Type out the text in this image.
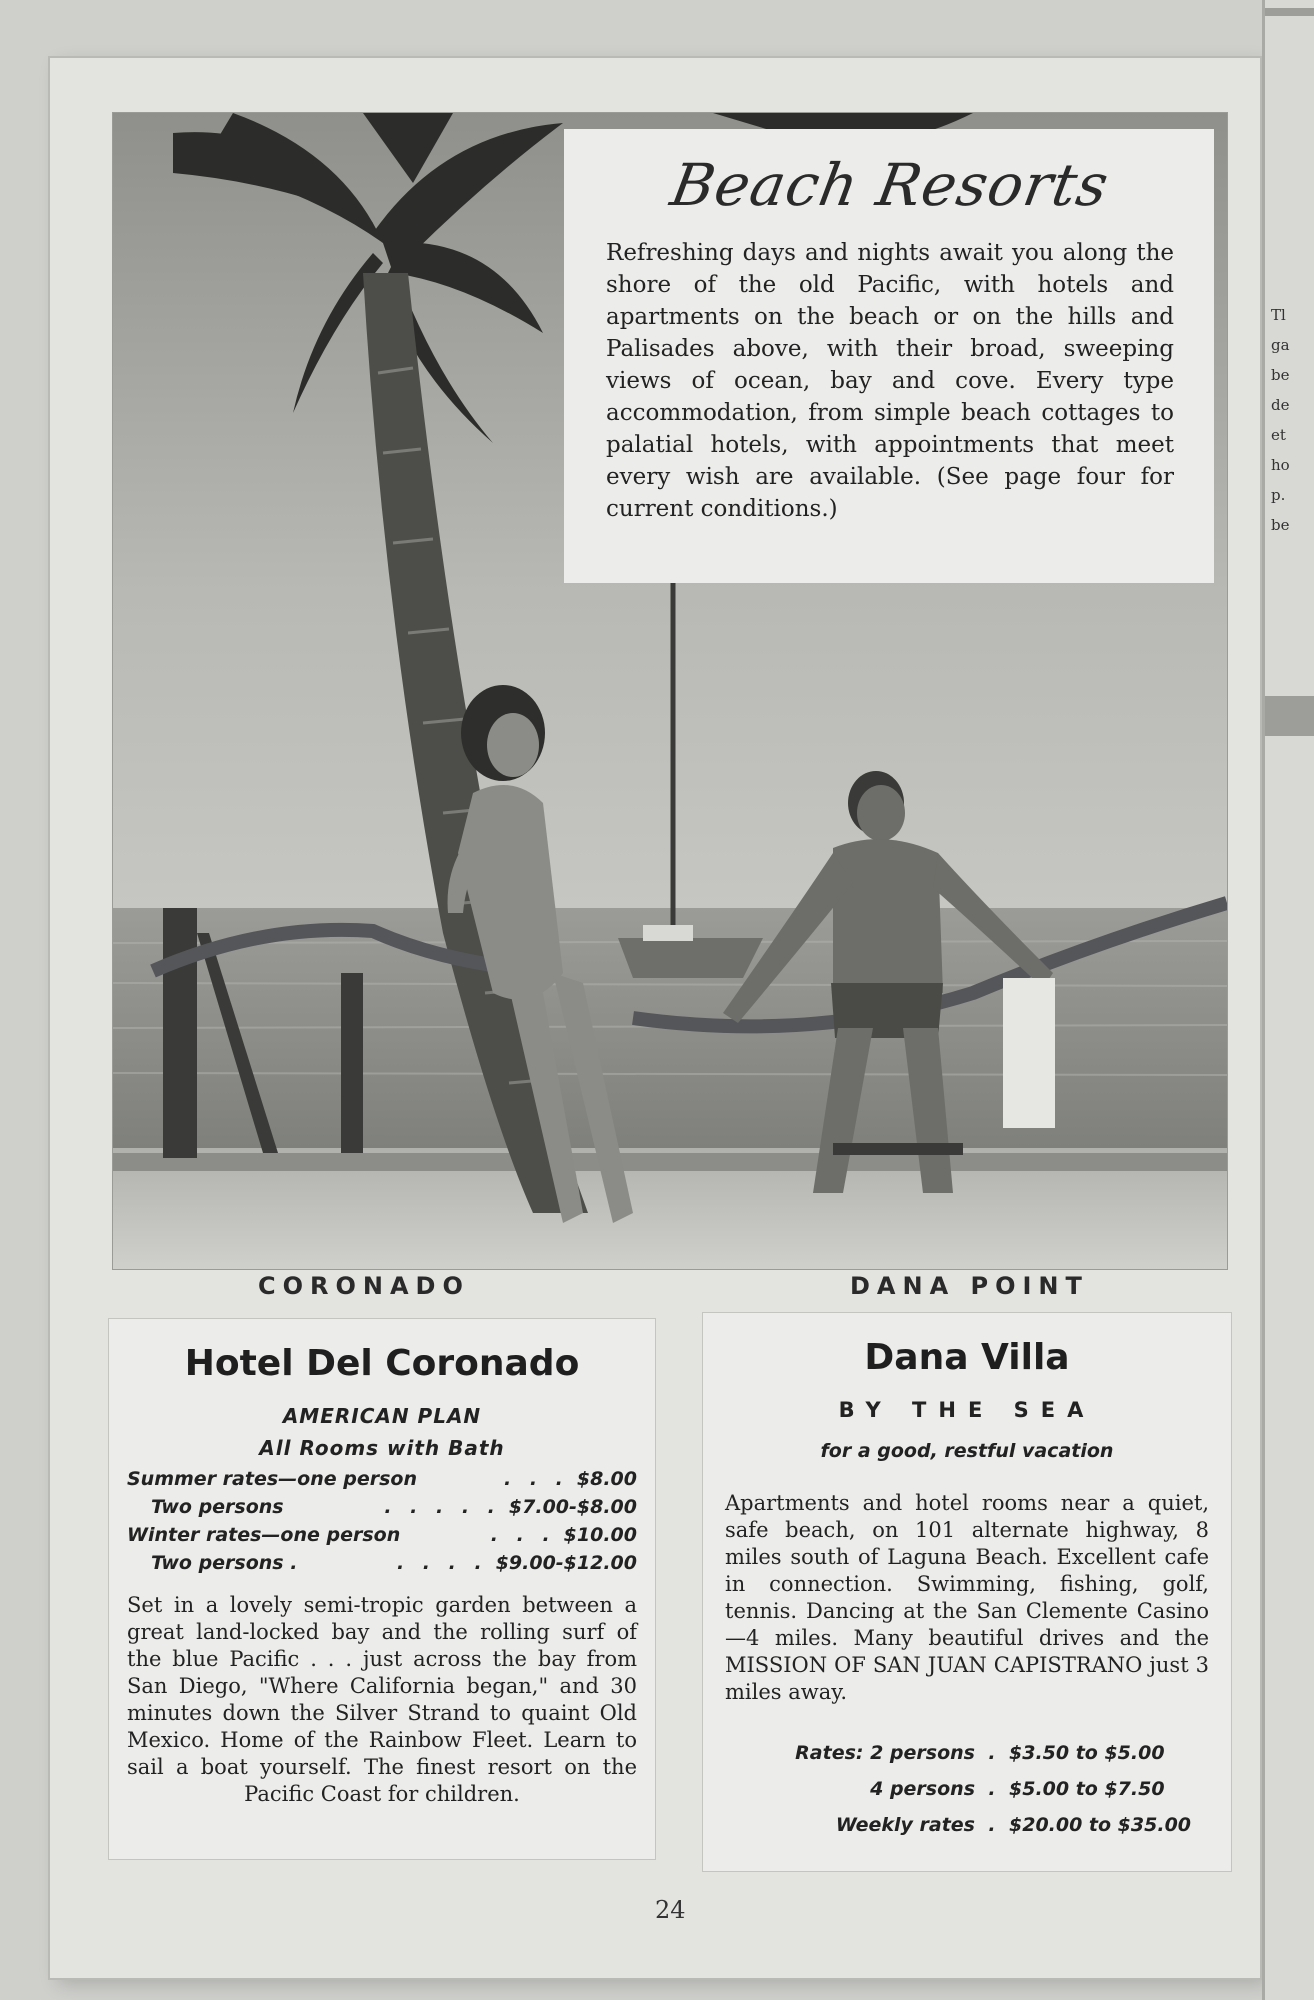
Tl
ga
be
de
et
ho
p.
be
Beach Resorts

Refreshing days and nights await you along the shore of the old Pacific, with hotels and apartments on the beach or on the hills and Palisades above, with their broad, sweeping views of ocean, bay and cove. Every type accommodation, from simple beach cottages to palatial hotels, with appointments that meet every wish are available. (See page four for current conditions.)

CORONADO	DANA POINT
Hotel Del Coronado
AMERICAN PLAN
All Rooms with Bath
Summer rates—one person	. . . $8.00
Two persons	. . . . . $7.00-$8.00
Winter rates—one person	. . . $10.00
Two persons .	. . . . $9.00-$12.00

Set in a lovely semi-tropic garden between a great land-locked bay and the rolling surf of the blue Pacific . . . just across the bay from San Diego, "Where California began," and 30 minutes down the Silver Strand to quaint Old Mexico. Home of the Rainbow Fleet. Learn to sail a boat yourself. The finest resort on the Pacific Coast for children.

Dana Villa
BY THE SEA
for a good, restful vacation

Apartments and hotel rooms near a quiet, safe beach, on 101 alternate highway, 8 miles south of Laguna Beach. Excellent cafe in connection. Swimming, fishing, golf, tennis. Dancing at the San Clemente Casino—4 miles. Many beautiful drives and the MISSION OF SAN JUAN CAPISTRANO just 3 miles away.

Rates: 2 persons . $3.50 to $5.00
4 persons . $5.00 to $7.50
Weekly rates . $20.00 to $35.00
24
